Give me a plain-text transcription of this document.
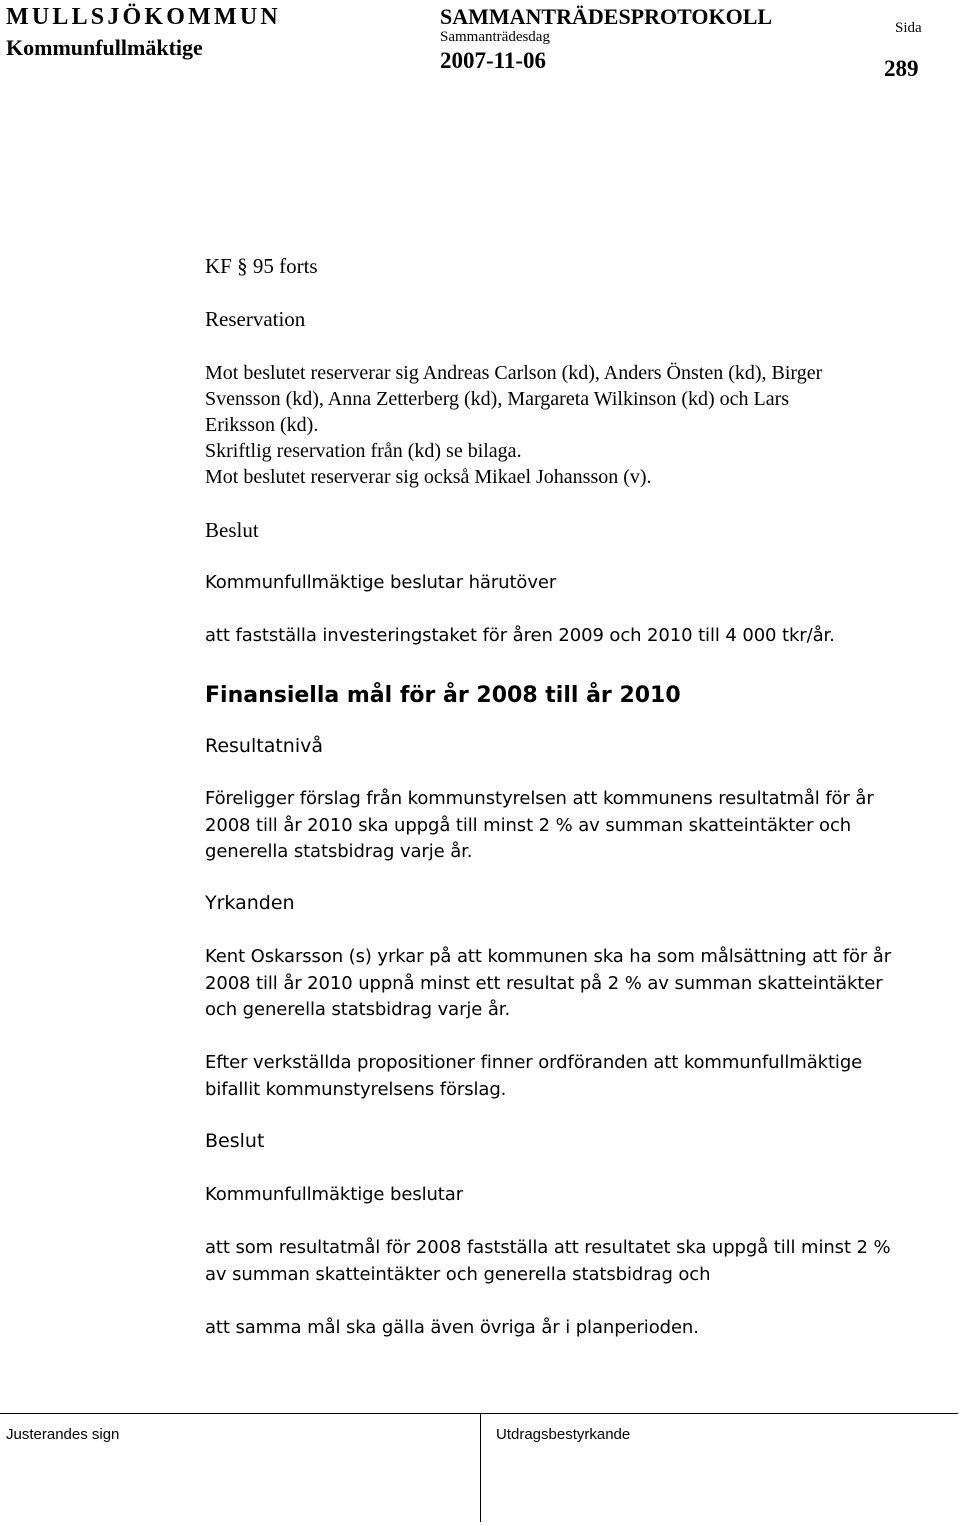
MULLSJÖKOMMUN
Kommunfullmäktige
SAMMANTRÄDESPROTOKOLL
Sammanträdesdag
2007-11-06
Sida
289
KF § 95 forts
Reservation
Mot beslutet reserverar sig Andreas Carlson (kd), Anders Önsten (kd), Birger
Svensson (kd), Anna Zetterberg (kd), Margareta Wilkinson (kd) och Lars
Eriksson (kd).
Skriftlig reservation från (kd) se bilaga.
Mot beslutet reserverar sig också Mikael Johansson (v).
Beslut
Kommunfullmäktige beslutar härutöver
att fastställa investeringstaket för åren 2009 och 2010 till 4 000 tkr/år.
Finansiella mål för år 2008 till år 2010
Resultatnivå
Föreligger förslag från kommunstyrelsen att kommunens resultatmål för år
2008 till år 2010 ska uppgå till minst 2 % av summan skatteintäkter och
generella statsbidrag varje år.
Yrkanden
Kent Oskarsson (s) yrkar på att kommunen ska ha som målsättning att för år
2008 till år 2010 uppnå minst ett resultat på 2 % av summan skatteintäkter
och generella statsbidrag varje år.
Efter verkställda propositioner finner ordföranden att kommunfullmäktige
bifallit kommunstyrelsens förslag.
Beslut
Kommunfullmäktige beslutar
att som resultatmål för 2008 fastställa att resultatet ska uppgå till minst 2 %
av summan skatteintäkter och generella statsbidrag och
att samma mål ska gälla även övriga år i planperioden.
Justerandes sign	Utdragsbestyrkande
